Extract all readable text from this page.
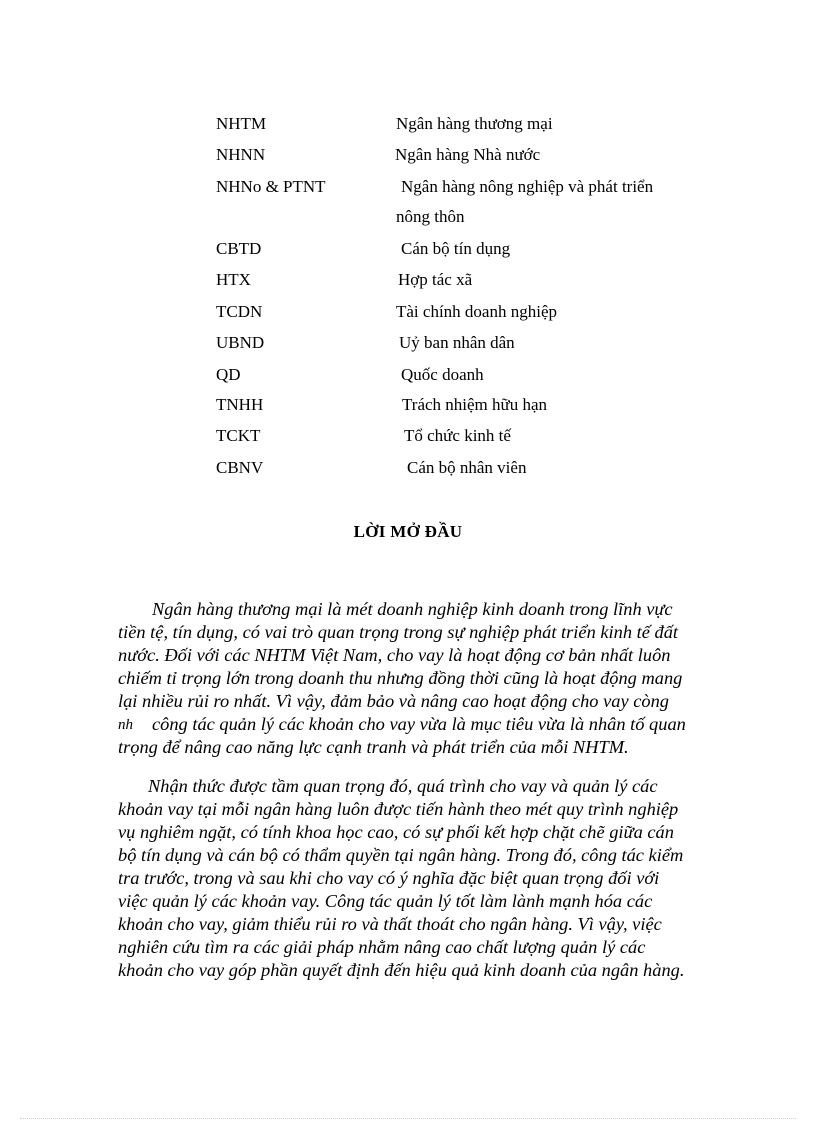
NHTM	Ngân hàng thương mại
NHNN	Ngân hàng Nhà nước
NHNo & PTNT	Ngân hàng nông nghiệp và phát triển
nông thôn
CBTD	Cán bộ tín dụng
HTX	Hợp tác xã
TCDN	Tài chính doanh nghiệp
UBND	Uỷ ban nhân dân
QD	Quốc doanh
TNHH	Trách nhiệm hữu hạn
TCKT	Tổ chức kinh tế
CBNV	Cán bộ nhân viên
LỜI MỞ ĐẦU
Ngân hàng thương mại là mét doanh nghiệp kinh doanh trong lĩnh vực
tiền tệ, tín dụng, có vai trò quan trọng trong sự nghiệp phát triển kinh tế đất
nước. Đối với các NHTM Việt Nam, cho vay là hoạt động cơ bản nhất luôn
chiếm tỉ trọng lớn trong doanh thu nhưng đồng thời cũng là hoạt động mang
lại nhiều rủi ro nhất. Vì vậy, đảm bảo và nâng cao hoạt động cho vay còng
công tác quản lý các khoản cho vay vừa là mục tiêu vừa là nhân tố quan
trọng để nâng cao năng lực cạnh tranh và phát triển của mỗi NHTM.
nh
Nhận thức được tầm quan trọng đó, quá trình cho vay và quản lý các
khoản vay tại mỗi ngân hàng luôn được tiến hành theo mét quy trình nghiệp
vụ nghiêm ngặt, có tính khoa học cao, có sự phối kết hợp chặt chẽ giữa cán
bộ tín dụng và cán bộ có thẩm quyền tại ngân hàng. Trong đó, công tác kiểm
tra trước, trong và sau khi cho vay có ý nghĩa đặc biệt quan trọng đối với
việc quản lý các khoản vay. Công tác quản lý tốt làm lành mạnh hóa các
khoản cho vay, giảm thiểu rủi ro và thất thoát cho ngân hàng. Vì vậy, việc
nghiên cứu tìm ra các giải pháp nhằm nâng cao chất lượng quản lý các
khoản cho vay góp phần quyết định đến hiệu quả kinh doanh của ngân hàng.
